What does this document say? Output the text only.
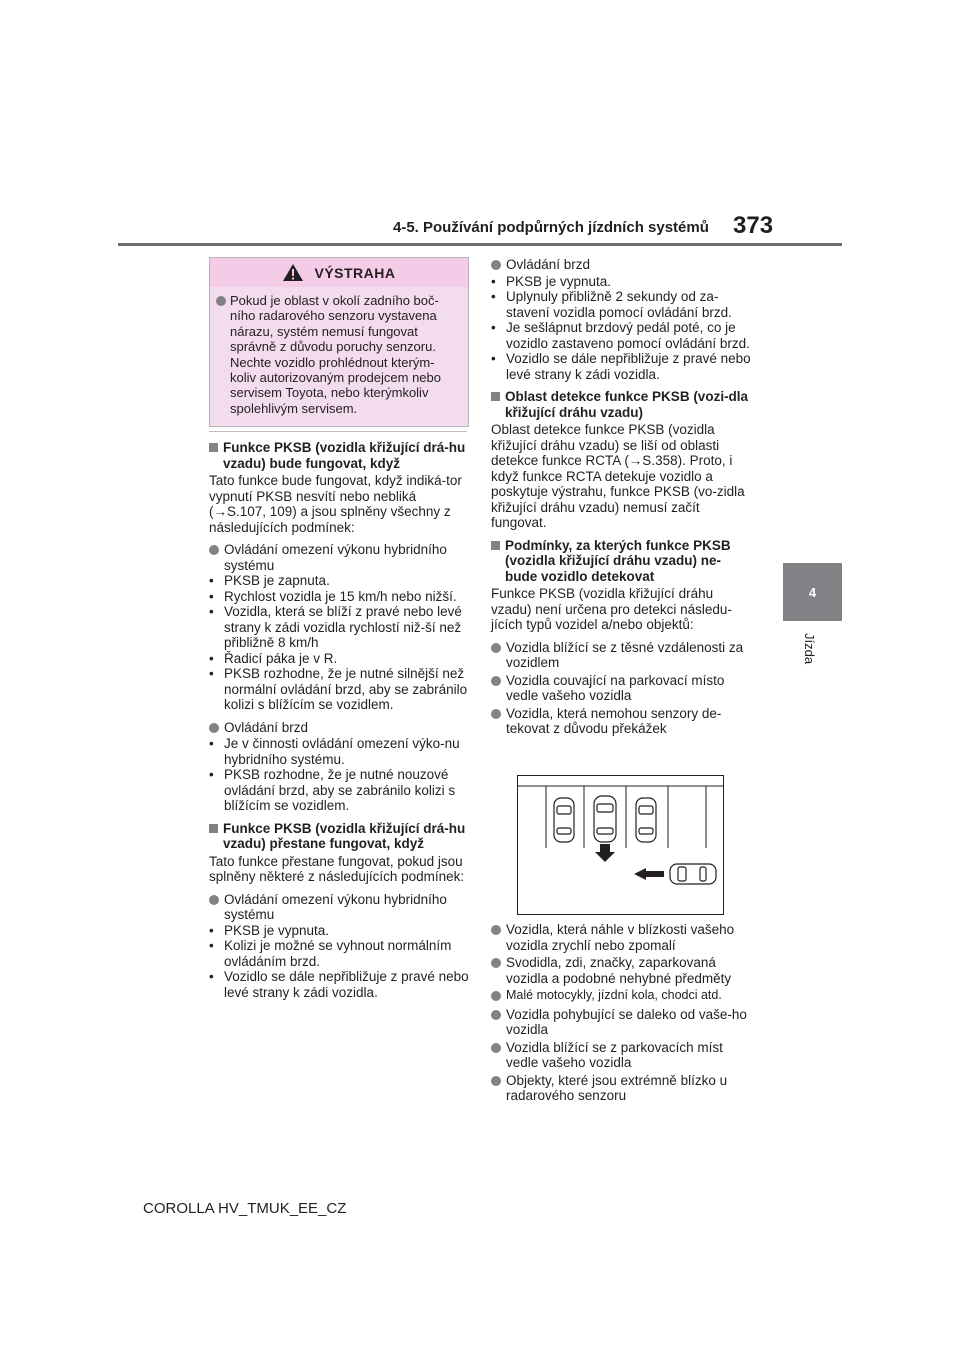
4-5. Používání podpůrných jízdních systémů 373
4
Jízda
VÝSTRAHA
Pokud je oblast v okolí zadního boč-ního radarového senzoru vystavena nárazu, systém nemusí fungovat správně z důvodu poruchy senzoru. Nechte vozidlo prohlédnout kterým-koliv autorizovaným prodejcem nebo servisem Toyota, nebo kterýmkoliv spolehlivým servisem.
Funkce PKSB (vozidla křižující drá-hu vzadu) bude fungovat, když
Tato funkce bude fungovat, když indiká-tor vypnutí PKSB nesvítí nebo nebliká (→S.107, 109) a jsou splněny všechny z následujících podmínek:
Ovládání omezení výkonu hybridního systému
• PKSB je zapnuta.
• Rychlost vozidla je 15 km/h nebo nižší.
• Vozidla, která se blíží z pravé nebo levé strany k zádi vozidla rychlostí niž-ší než přibližně 8 km/h
• Řadicí páka je v R.
• PKSB rozhodne, že je nutné silnější než normální ovládání brzd, aby se zabránilo kolizi s blížícím se vozidlem.
Ovládání brzd
• Je v činnosti ovládání omezení výko-nu hybridního systému.
• PKSB rozhodne, že je nutné nouzové ovládání brzd, aby se zabránilo kolizi s blížícím se vozidlem.
Funkce PKSB (vozidla křižující drá-hu vzadu) přestane fungovat, když
Tato funkce přestane fungovat, pokud jsou splněny některé z následujících podmínek:
Ovládání omezení výkonu hybridního systému
• PKSB je vypnuta.
• Kolizi je možné se vyhnout normálním ovládáním brzd.
• Vozidlo se dále nepřibližuje z pravé nebo levé strany k zádi vozidla.
Ovládání brzd
• PKSB je vypnuta.
• Uplynuly přibližně 2 sekundy od za-stavení vozidla pomocí ovládání brzd.
• Je sešlápnut brzdový pedál poté, co je vozidlo zastaveno pomocí ovládání brzd.
• Vozidlo se dále nepřibližuje z pravé nebo levé strany k zádi vozidla.
Oblast detekce funkce PKSB (vozi-dla křižující dráhu vzadu)
Oblast detekce funkce PKSB (vozidla křižující dráhu vzadu) se liší od oblasti detekce funkce RCTA (→S.358). Proto, i když funkce RCTA detekuje vozidlo a poskytuje výstrahu, funkce PKSB (vo-zidla křižující dráhu vzadu) nemusí začít fungovat.
Podmínky, za kterých funkce PKSB (vozidla křižující dráhu vzadu) ne-bude vozidlo detekovat
Funkce PKSB (vozidla křižující dráhu vzadu) není určena pro detekci následu-jících typů vozidel a/nebo objektů:
Vozidla blížící se z těsné vzdálenosti za vozidlem
Vozidla couvající na parkovací místo vedle vašeho vozidla
Vozidla, která nemohou senzory de-tekovat z důvodu překážek
Vozidla, která náhle v blízkosti vašeho vozidla zrychlí nebo zpomalí
Svodidla, zdi, značky, zaparkovaná vozidla a podobné nehybné předměty
Malé motocykly, jízdní kola, chodci atd.
Vozidla pohybující se daleko od vaše-ho vozidla
Vozidla blížící se z parkovacích míst vedle vašeho vozidla
Objekty, které jsou extrémně blízko u radarového senzoru
COROLLA HV_TMUK_EE_CZ
